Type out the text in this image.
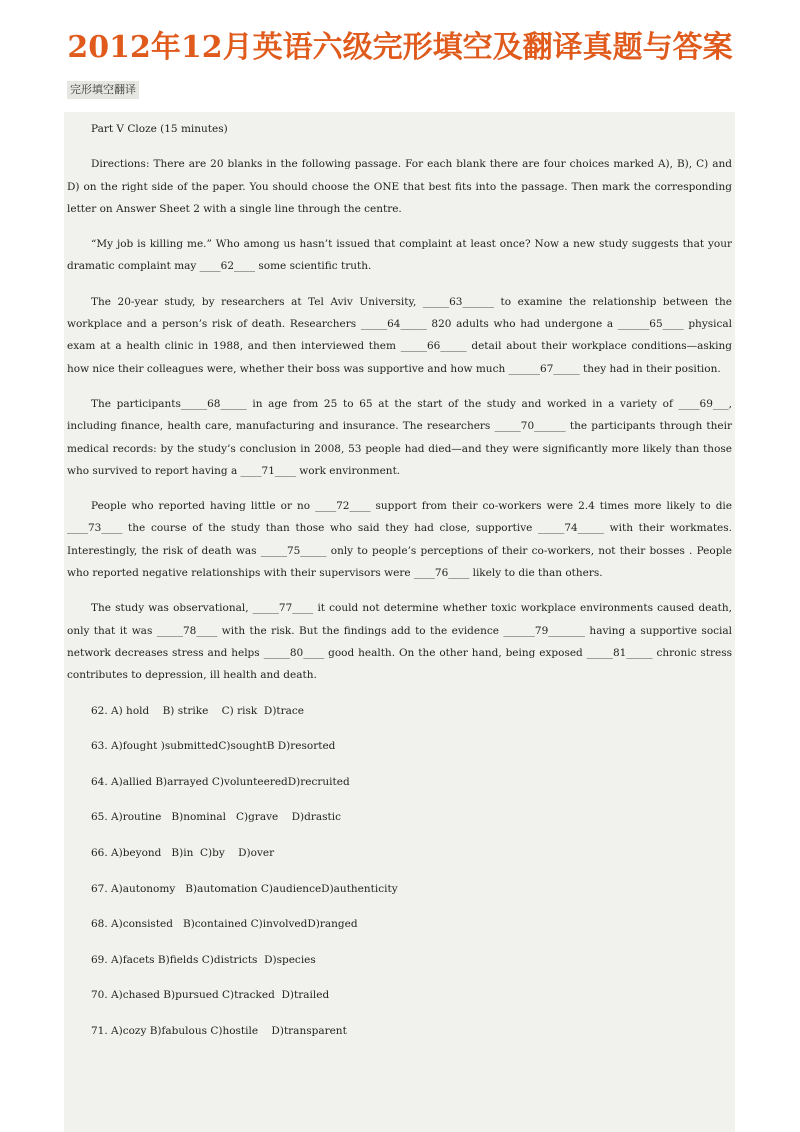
2012年12月英语六级完形填空及翻译真题与答案
完形填空翻译

Part V Cloze (15 minutes)

Directions: There are 20 blanks in the following passage. For each blank there are four choices marked A), B), C) and D) on the right side of the paper. You should choose the ONE that best fits into the passage. Then mark the corresponding letter on Answer Sheet 2 with a single line through the centre.

“My job is killing me.” Who among us hasn’t issued that complaint at least once? Now a new study suggests that your dramatic complaint may ____62____ some scientific truth.

The 20-year study, by researchers at Tel Aviv University, _____63______ to examine the relationship between the workplace and a person’s risk of death. Researchers _____64_____ 820 adults who had undergone a ______65____ physical exam at a health clinic in 1988, and then interviewed them _____66_____ detail about their workplace conditions—asking how nice their colleagues were, whether their boss was supportive and how much ______67_____ they had in their position.

The participants_____68_____ in age from 25 to 65 at the start of the study and worked in a variety of ____69___, including finance, health care, manufacturing and insurance. The researchers _____70______ the participants through their medical records: by the study’s conclusion in 2008, 53 people had died—and they were significantly more likely than those who survived to report having a ____71____ work environment.

People who reported having little or no ____72____ support from their co-workers were 2.4 times more likely to die ____73____ the course of the study than those who said they had close, supportive _____74_____ with their workmates. Interestingly, the risk of death was _____75_____ only to people’s perceptions of their co-workers, not their bosses . People who reported negative relationships with their supervisors were ____76____ likely to die than others.

The study was observational, _____77____ it could not determine whether toxic workplace environments caused death, only that it was _____78____ with the risk. But the findings add to the evidence ______79_______ having a supportive social network decreases stress and helps _____80____ good health. On the other hand, being exposed _____81_____ chronic stress contributes to depression, ill health and death.

62. A) hold    B) strike    C) risk  D)trace

63. A)fought )submittedC)soughtB D)resorted

64. A)allied B)arrayed C)volunteeredD)recruited

65. A)routine   B)nominal   C)grave    D)drastic

66. A)beyond   B)in  C)by    D)over

67. A)autonomy   B)automation C)audienceD)authenticity

68. A)consisted   B)contained C)involvedD)ranged

69. A)facets B)fields C)districts  D)species

70. A)chased B)pursued C)tracked  D)trailed

71. A)cozy B)fabulous C)hostile    D)transparent
